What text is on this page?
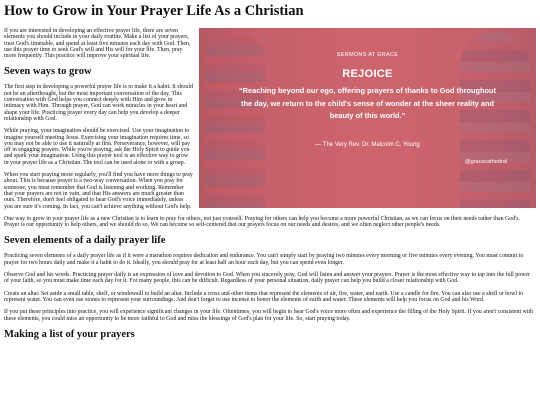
How to Grow in Your Prayer Life As a Christian
SERMONS AT GRACE
REJOICE
“Reaching beyond our ego, offering prayers of thanks to God throughout the day, we return to the child's sense of wonder at the sheer reality and beauty of this world.”
— The Very Rev. Dr. Malcolm C. Young
@gracecathedral

If you are interested in developing an effective prayer life, there are seven elements you should include in your daily routine. Make a list of your prayers, trust God's timetable, and spend at least five minutes each day with God. Then, use this prayer time to seek God's will and His will for your life. Then, pray more frequently. This practice will improve your spiritual life.

Seven ways to grow

The first step in developing a powerful prayer life is to make it a habit. It should not be an afterthought, but the most important conversation of the day. This conversation with God helps you connect deeply with Him and grow in intimacy with Him. Through prayer, God can work miracles in your heart and shape your life. Practicing prayer every day can help you develop a deeper relationship with God.

While praying, your imagination should be exercised. Use your imagination to imagine yourself meeting Jesus. Exercising your imagination requires time, so you may not be able to use it naturally at first. Perseverance, however, will pay off in engaging prayers. While you're praying, ask the Holy Spirit to guide you and spark your imagination. Using this prayer tool is an effective way to grow in your prayer life as a Christian. The tool can be used alone or with a group.

When you start praying more regularly, you'll find you have more things to pray about. This is because prayer is a two-way conversation. When you pray for someone, you must remember that God is listening and working. Remember that your prayers are not in vain, and that His answers are much greater than ours. Therefore, don't feel obligated to hear God's voice immediately, unless you are sure it's coming. In fact, you can't achieve anything without God's help.

One way to grow in your prayer life as a new Christian is to learn to pray for others, not just yourself. Praying for others can help you become a more powerful Christian, as we can focus on their needs rather than God's. Prayer is our opportunity to help others, and we should do so. We can become so self-centered that our prayers focus on our needs and desires, and we often neglect other people's needs.

Seven elements of a daily prayer life

Practicing seven elements of a daily prayer life as if it were a marathon requires dedication and endurance. You can't simply start by praying two minutes every morning or five minutes every evening. You must commit to prayer for two hours daily and make it a habit to do it. Ideally, you should pray for at least half an hour each day, but you can spend even longer.

Observe God and his words. Practicing prayer daily is an expression of love and devotion to God. When you sincerely pray, God will listen and answer your prayers. Prayer is the most effective way to tap into the full power of your faith, so you must make time each day for it. For many people, this can be difficult. Regardless of your personal situation, daily prayer can help you build a closer relationship with God.

Create an altar. Set aside a small table, shelf, or windowsill to build an altar. Include a cross and other items that represent the elements of air, fire, water, and earth. Use a candle for fire. You can also use a shell or bowl to represent water. You can even use stones to represent your surroundings. And don't forget to use incense to honor the elements of earth and water. These elements will help you focus on God and his Word.

If you put these principles into practice, you will experience significant changes in your life. Oftentimes, you will begin to hear God's voice more often and experience the filling of the Holy Spirit. If you aren't consistent with these elements, you could miss an opportunity to be more faithful to God and miss the blessings of God's plan for your life. So, start praying today.

Making a list of your prayers
